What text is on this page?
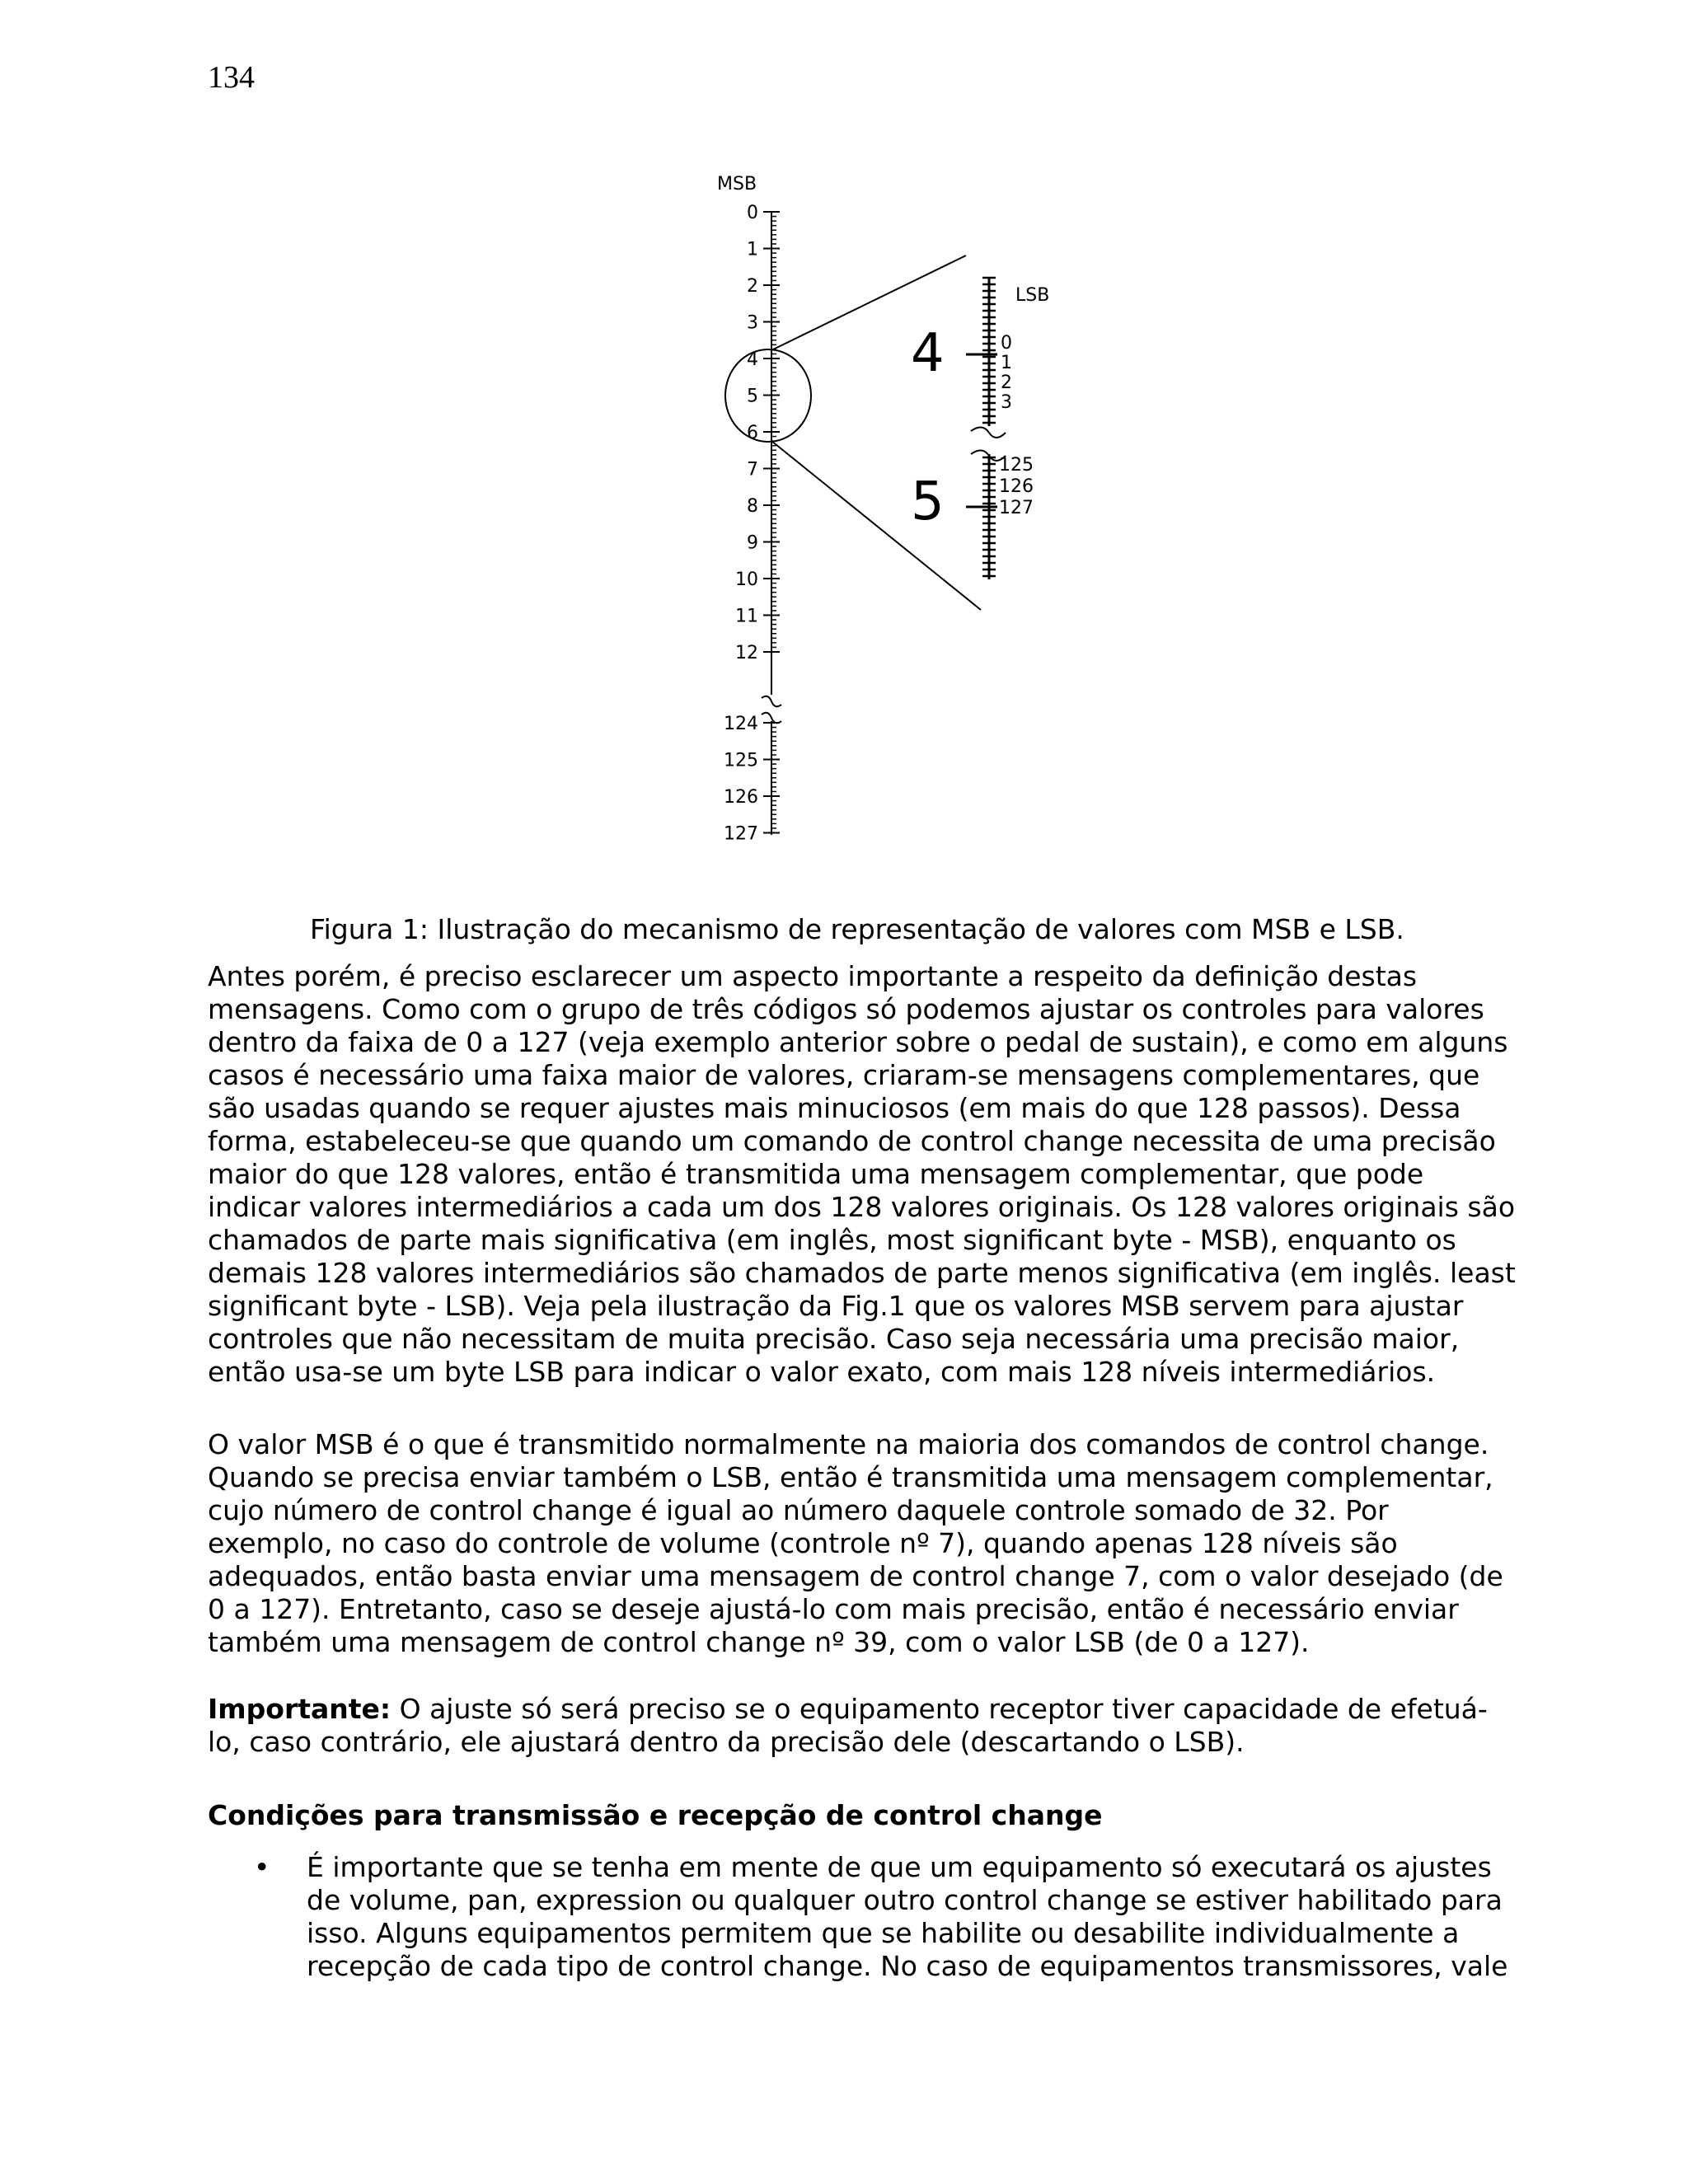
134
MSB
LSB
4
5
0
1
2
3
4
5
6
7
8
9
10
11
12
124
125
126
127
0
1
2
3
125
126
127
Figura 1: Ilustração do mecanismo de representação de valores com MSB e LSB.

Antes porém, é preciso esclarecer um aspecto importante a respeito da definição destas mensagens. Como com o grupo de três códigos só podemos ajustar os controles para valores dentro da faixa de 0 a 127 (veja exemplo anterior sobre o pedal de sustain), e como em alguns casos é necessário uma faixa maior de valores, criaram-se mensagens complementares, que são usadas quando se requer ajustes mais minuciosos (em mais do que 128 passos). Dessa forma, estabeleceu-se que quando um comando de control change necessita de uma precisão maior do que 128 valores, então é transmitida uma mensagem complementar, que pode indicar valores intermediários a cada um dos 128 valores originais. Os 128 valores originais são chamados de parte mais significativa (em inglês, most significant byte - MSB), enquanto os demais 128 valores intermediários são chamados de parte menos significativa (em inglês. least significant byte - LSB). Veja pela ilustração da Fig.1 que os valores MSB servem para ajustar controles que não necessitam de muita precisão. Caso seja necessária uma precisão maior, então usa-se um byte LSB para indicar o valor exato, com mais 128 níveis intermediários.

O valor MSB é o que é transmitido normalmente na maioria dos comandos de control change. Quando se precisa enviar também o LSB, então é transmitida uma mensagem complementar, cujo número de control change é igual ao número daquele controle somado de 32. Por exemplo, no caso do controle de volume (controle nº 7), quando apenas 128 níveis são adequados, então basta enviar uma mensagem de control change 7, com o valor desejado (de 0 a 127). Entretanto, caso se deseje ajustá-lo com mais precisão, então é necessário enviar também uma mensagem de control change nº 39, com o valor LSB (de 0 a 127).

Importante: O ajuste só será preciso se o equipamento receptor tiver capacidade de efetuá-lo, caso contrário, ele ajustará dentro da precisão dele (descartando o LSB).

Condições para transmissão e recepção de control change
• É importante que se tenha em mente de que um equipamento só executará os ajustes de volume, pan, expression ou qualquer outro control change se estiver habilitado para isso. Alguns equipamentos permitem que se habilite ou desabilite individualmente a recepção de cada tipo de control change. No caso de equipamentos transmissores, vale
